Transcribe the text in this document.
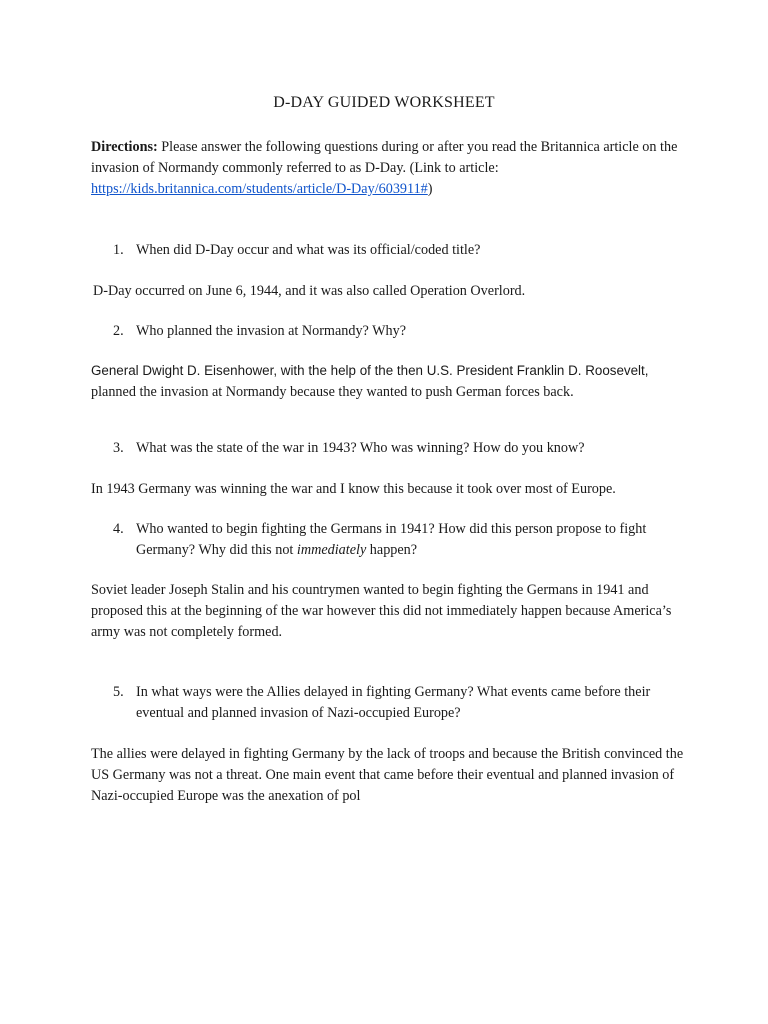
D-DAY GUIDED WORKSHEET
Directions: Please answer the following questions during or after you read the Britannica article on the invasion of Normandy commonly referred to as D-Day. (Link to article: https://kids.britannica.com/students/article/D-Day/603911#)
1. When did D-Day occur and what was its official/coded title?
D-Day occurred on June 6, 1944, and it was also called Operation Overlord.
2. Who planned the invasion at Normandy? Why?
General Dwight D. Eisenhower, with the help of the then U.S. President Franklin D. Roosevelt,
planned the invasion at Normandy because they wanted to push German forces back.
3. What was the state of the war in 1943? Who was winning? How do you know?
In 1943 Germany was winning the war and I know this because it took over most of Europe.
4. Who wanted to begin fighting the Germans in 1941? How did this person propose to fight Germany? Why did this not immediately happen?
Soviet leader Joseph Stalin and his countrymen wanted to begin fighting the Germans in 1941 and proposed this at the beginning of the war however this did not immediately happen because America’s army was not completely formed.
5. In what ways were the Allies delayed in fighting Germany? What events came before their eventual and planned invasion of Nazi-occupied Europe?
The allies were delayed in fighting Germany by the lack of troops and because the British convinced the US Germany was not a threat. One main event that came before their eventual and planned invasion of Nazi-occupied Europe was the anexation of pol
